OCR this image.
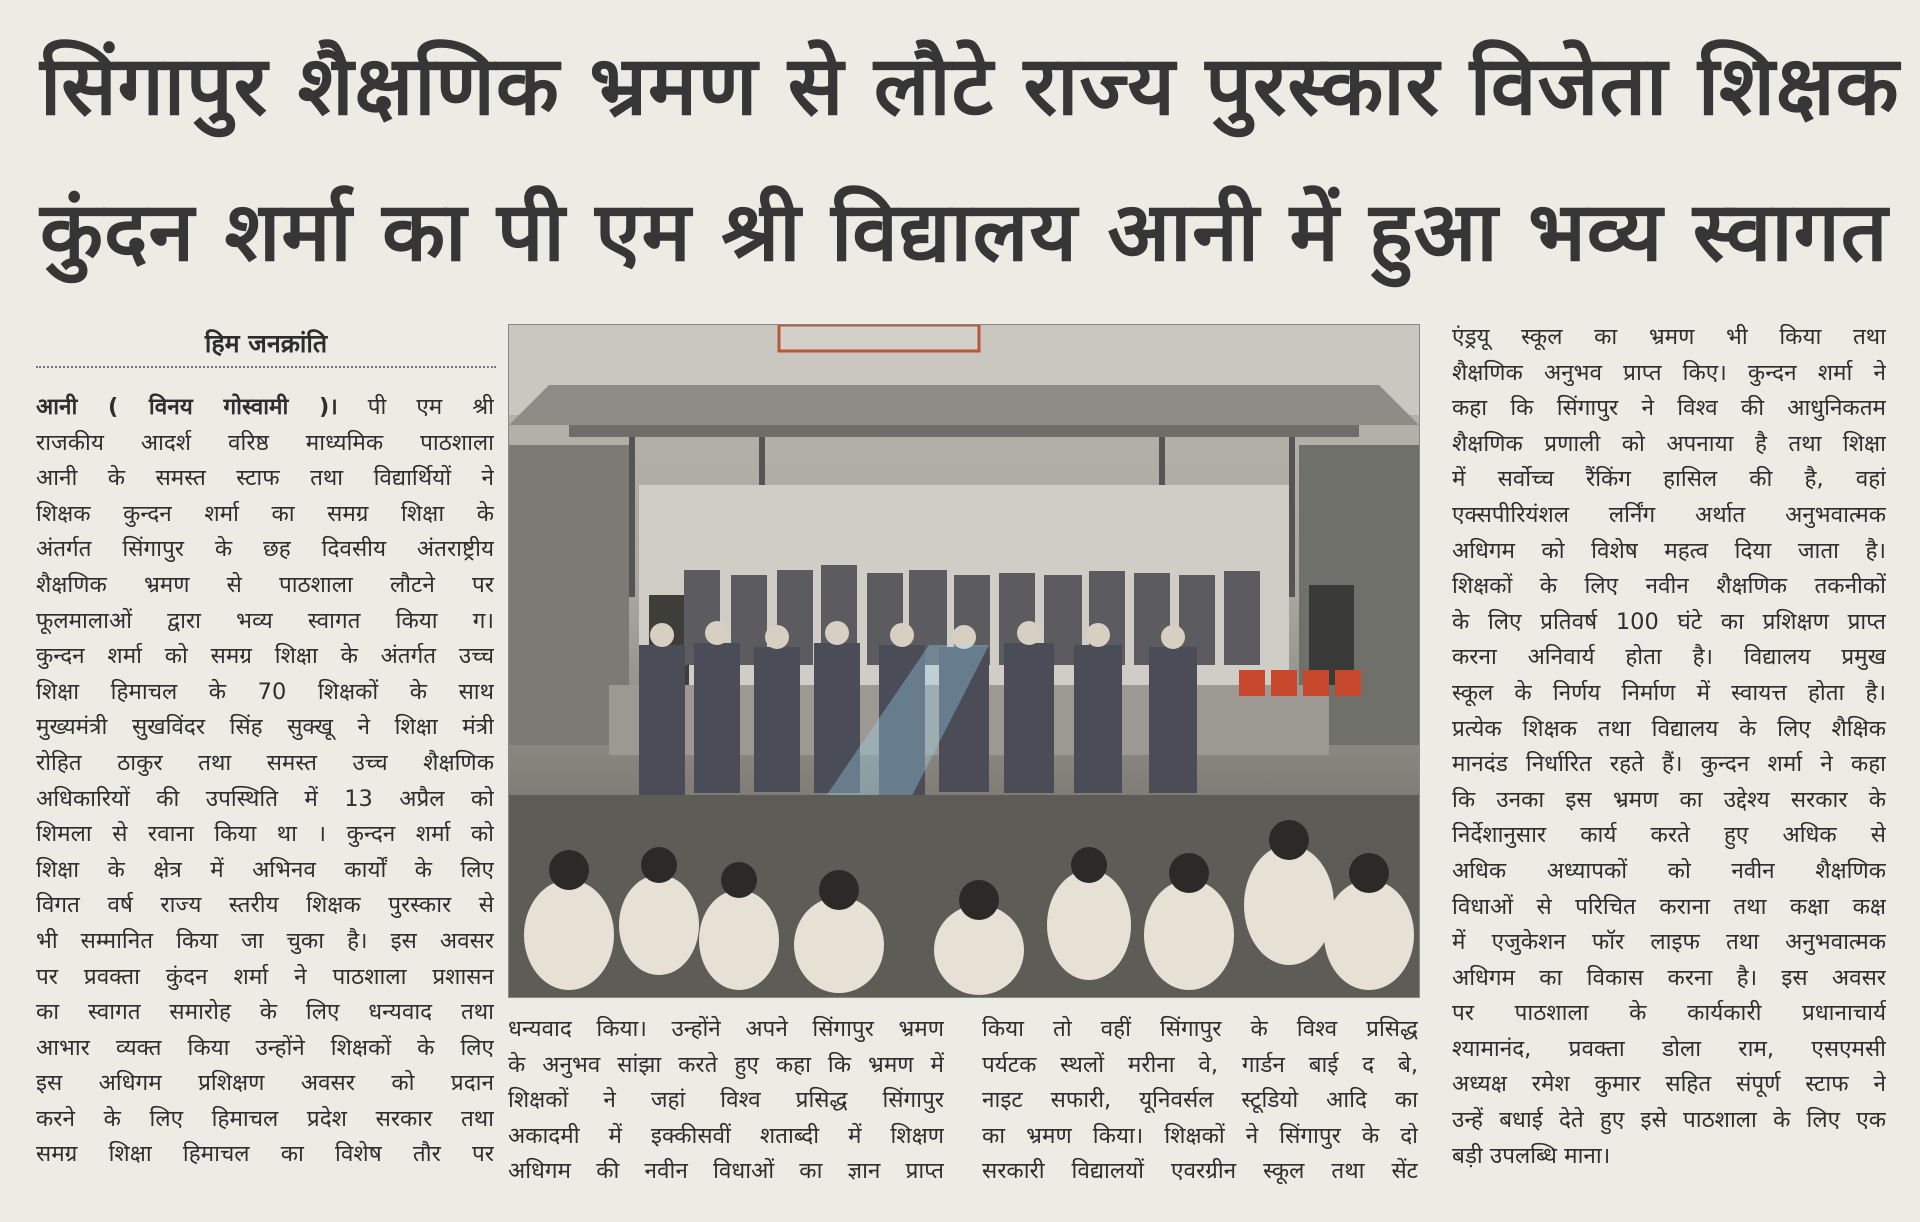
सिंगापुर शैक्षणिक भ्रमण से लौटे राज्य पुरस्कार विजेता शिक्षक
कुंदन शर्मा का पी एम श्री विद्यालय आनी में हुआ भव्य स्वागत
हिम जनक्रांति
आनी ( विनय गोस्वामी )। पी एम श्री
राजकीय आदर्श वरिष्ठ माध्यमिक पाठशाला
आनी के समस्त स्टाफ तथा विद्यार्थियों ने
शिक्षक कुन्दन शर्मा का समग्र शिक्षा के
अंतर्गत सिंगापुर के छह दिवसीय अंतराष्ट्रीय
शैक्षणिक भ्रमण से पाठशाला लौटने पर
फूलमालाओं द्वारा भव्य स्वागत किया ग।
कुन्दन शर्मा को समग्र शिक्षा के अंतर्गत उच्च
शिक्षा हिमाचल के 70 शिक्षकों के साथ
मुख्यमंत्री सुखविंदर सिंह सुक्खू ने शिक्षा मंत्री
रोहित ठाकुर तथा समस्त उच्च शैक्षणिक
अधिकारियों की उपस्थिति में 13 अप्रैल को
शिमला से रवाना किया था । कुन्दन शर्मा को
शिक्षा के क्षेत्र में अभिनव कार्यों के लिए
विगत वर्ष राज्य स्तरीय शिक्षक पुरस्कार से
भी सम्मानित किया जा चुका है। इस अवसर
पर प्रवक्ता कुंदन शर्मा ने पाठशाला प्रशासन
का स्वागत समारोह के लिए धन्यवाद तथा
आभार व्यक्त किया उन्होंने शिक्षकों के लिए
इस अधिगम प्रशिक्षण अवसर को प्रदान
करने के लिए हिमाचल प्रदेश सरकार तथा
समग्र शिक्षा हिमाचल का विशेष तौर पर
धन्यवाद किया। उन्होंने अपने सिंगापुर भ्रमण
के अनुभव सांझा करते हुए कहा कि भ्रमण में
शिक्षकों ने जहां विश्व प्रसिद्ध सिंगापुर
अकादमी में इक्कीसवीं शताब्दी में शिक्षण
अधिगम की नवीन विधाओं का ज्ञान प्राप्त
किया तो वहीं सिंगापुर के विश्व प्रसिद्ध
पर्यटक स्थलों मरीना वे, गार्डन बाई द बे,
नाइट सफारी, यूनिवर्सल स्टूडियो आदि का
का भ्रमण किया। शिक्षकों ने सिंगापुर के दो
सरकारी विद्यालयों एवरग्रीन स्कूल तथा सेंट
एंड्रयू स्कूल का भ्रमण भी किया तथा
शैक्षणिक अनुभव प्राप्त किए। कुन्दन शर्मा ने
कहा कि सिंगापुर ने विश्व की आधुनिकतम
शैक्षणिक प्रणाली को अपनाया है तथा शिक्षा
में सर्वोच्च रैंकिंग हासिल की है, वहां
एक्सपीरियंशल लर्निंग अर्थात अनुभवात्मक
अधिगम को विशेष महत्व दिया जाता है।
शिक्षकों के लिए नवीन शैक्षणिक तकनीकों
के लिए प्रतिवर्ष 100 घंटे का प्रशिक्षण प्राप्त
करना अनिवार्य होता है। विद्यालय प्रमुख
स्कूल के निर्णय निर्माण में स्वायत्त होता है।
प्रत्येक शिक्षक तथा विद्यालय के लिए शैक्षिक
मानदंड निर्धारित रहते हैं। कुन्दन शर्मा ने कहा
कि उनका इस भ्रमण का उद्देश्य सरकार के
निर्देशानुसार कार्य करते हुए अधिक से
अधिक अध्यापकों को नवीन शैक्षणिक
विधाओं से परिचित कराना तथा कक्षा कक्ष
में एजुकेशन फॉर लाइफ तथा अनुभवात्मक
अधिगम का विकास करना है। इस अवसर
पर पाठशाला के कार्यकारी प्रधानाचार्य
श्यामानंद, प्रवक्ता डोला राम, एसएमसी
अध्यक्ष रमेश कुमार सहित संपूर्ण स्टाफ ने
उन्हें बधाई देते हुए इसे पाठशाला के लिए एक
बड़ी उपलब्धि माना।
